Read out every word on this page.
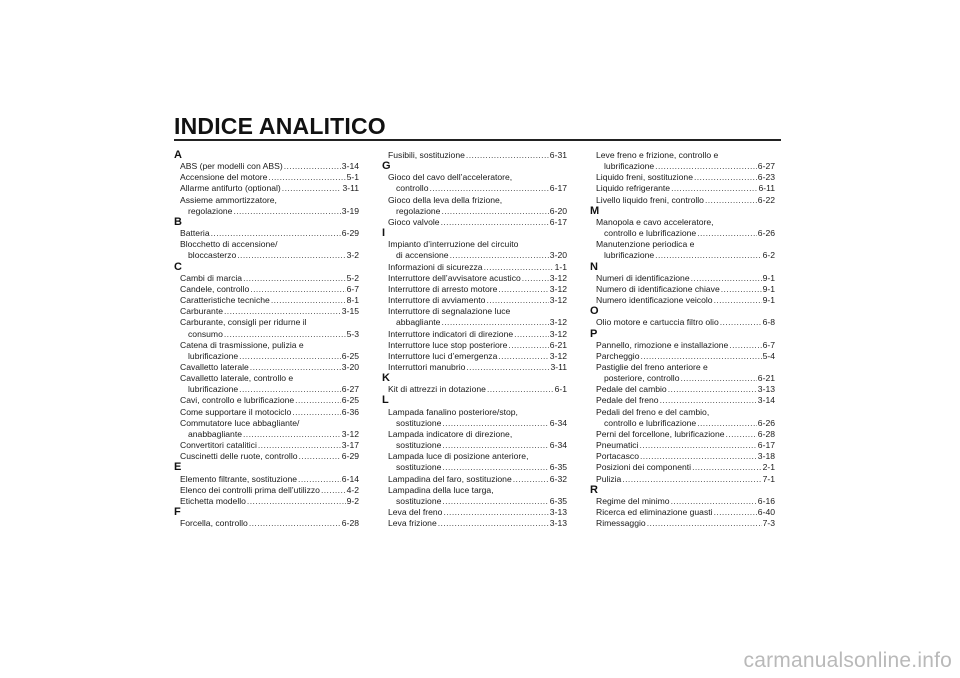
INDICE ANALITICO
A
ABS (per modelli con ABS) .....	3-14
Accensione del motore .....	5-1
Allarme antifurto (optional) .....	3-11
Assieme ammortizzatore,
regolazione .....	3-19
B
Batteria .....	6-29
Blocchetto di accensione/
bloccasterzo .....	3-2
C
Cambi di marcia .....	5-2
Candele, controllo .....	6-7
Caratteristiche tecniche .....	8-1
Carburante .....	3-15
Carburante, consigli per ridurne il
consumo .....	5-3
Catena di trasmissione, pulizia e
lubrificazione .....	6-25
Cavalletto laterale .....	3-20
Cavalletto laterale, controllo e
lubrificazione .....	6-27
Cavi, controllo e lubrificazione .....	6-25
Come supportare il motociclo .....	6-36
Commutatore luce abbagliante/
anabbagliante .....	3-12
Convertitori catalitici .....	3-17
Cuscinetti delle ruote, controllo .....	6-29
E
Elemento filtrante, sostituzione .....	6-14
Elenco dei controlli prima dell’utilizzo .....	4-2
Etichetta modello .....	9-2
F
Forcella, controllo .....	6-28
Fusibili, sostituzione .....	6-31
G
Gioco del cavo dell’acceleratore,
controllo .....	6-17
Gioco della leva della frizione,
regolazione .....	6-20
Gioco valvole .....	6-17
I
Impianto d’interruzione del circuito
di accensione .....	3-20
Informazioni di sicurezza .....	1-1
Interruttore dell’avvisatore acustico .....	3-12
Interruttore di arresto motore .....	3-12
Interruttore di avviamento .....	3-12
Interruttore di segnalazione luce
abbagliante .....	3-12
Interruttore indicatori di direzione .....	3-12
Interruttore luce stop posteriore .....	6-21
Interruttore luci d’emergenza .....	3-12
Interruttori manubrio .....	3-11
K
Kit di attrezzi in dotazione .....	6-1
L
Lampada fanalino posteriore/stop,
sostituzione .....	6-34
Lampada indicatore di direzione,
sostituzione .....	6-34
Lampada luce di posizione anteriore,
sostituzione .....	6-35
Lampadina del faro, sostituzione .....	6-32
Lampadina della luce targa,
sostituzione .....	6-35
Leva del freno .....	3-13
Leva frizione .....	3-13
Leve freno e frizione, controllo e
lubrificazione .....	6-27
Liquido freni, sostituzione .....	6-23
Liquido refrigerante .....	6-11
Livello liquido freni, controllo .....	6-22
M
Manopola e cavo acceleratore,
controllo e lubrificazione .....	6-26
Manutenzione periodica e
lubrificazione .....	6-2
N
Numeri di identificazione .....	9-1
Numero di identificazione chiave .....	9-1
Numero identificazione veicolo .....	9-1
O
Olio motore e cartuccia filtro olio .....	6-8
P
Pannello, rimozione e installazione .....	6-7
Parcheggio .....	5-4
Pastiglie del freno anteriore e
posteriore, controllo .....	6-21
Pedale del cambio .....	3-13
Pedale del freno .....	3-14
Pedali del freno e del cambio,
controllo e lubrificazione .....	6-26
Perni del forcellone, lubrificazione .....	6-28
Pneumatici .....	6-17
Portacasco .....	3-18
Posizioni dei componenti .....	2-1
Pulizia .....	7-1
R
Regime del minimo .....	6-16
Ricerca ed eliminazione guasti .....	6-40
Rimessaggio .....	7-3
carmanualsonline.info
